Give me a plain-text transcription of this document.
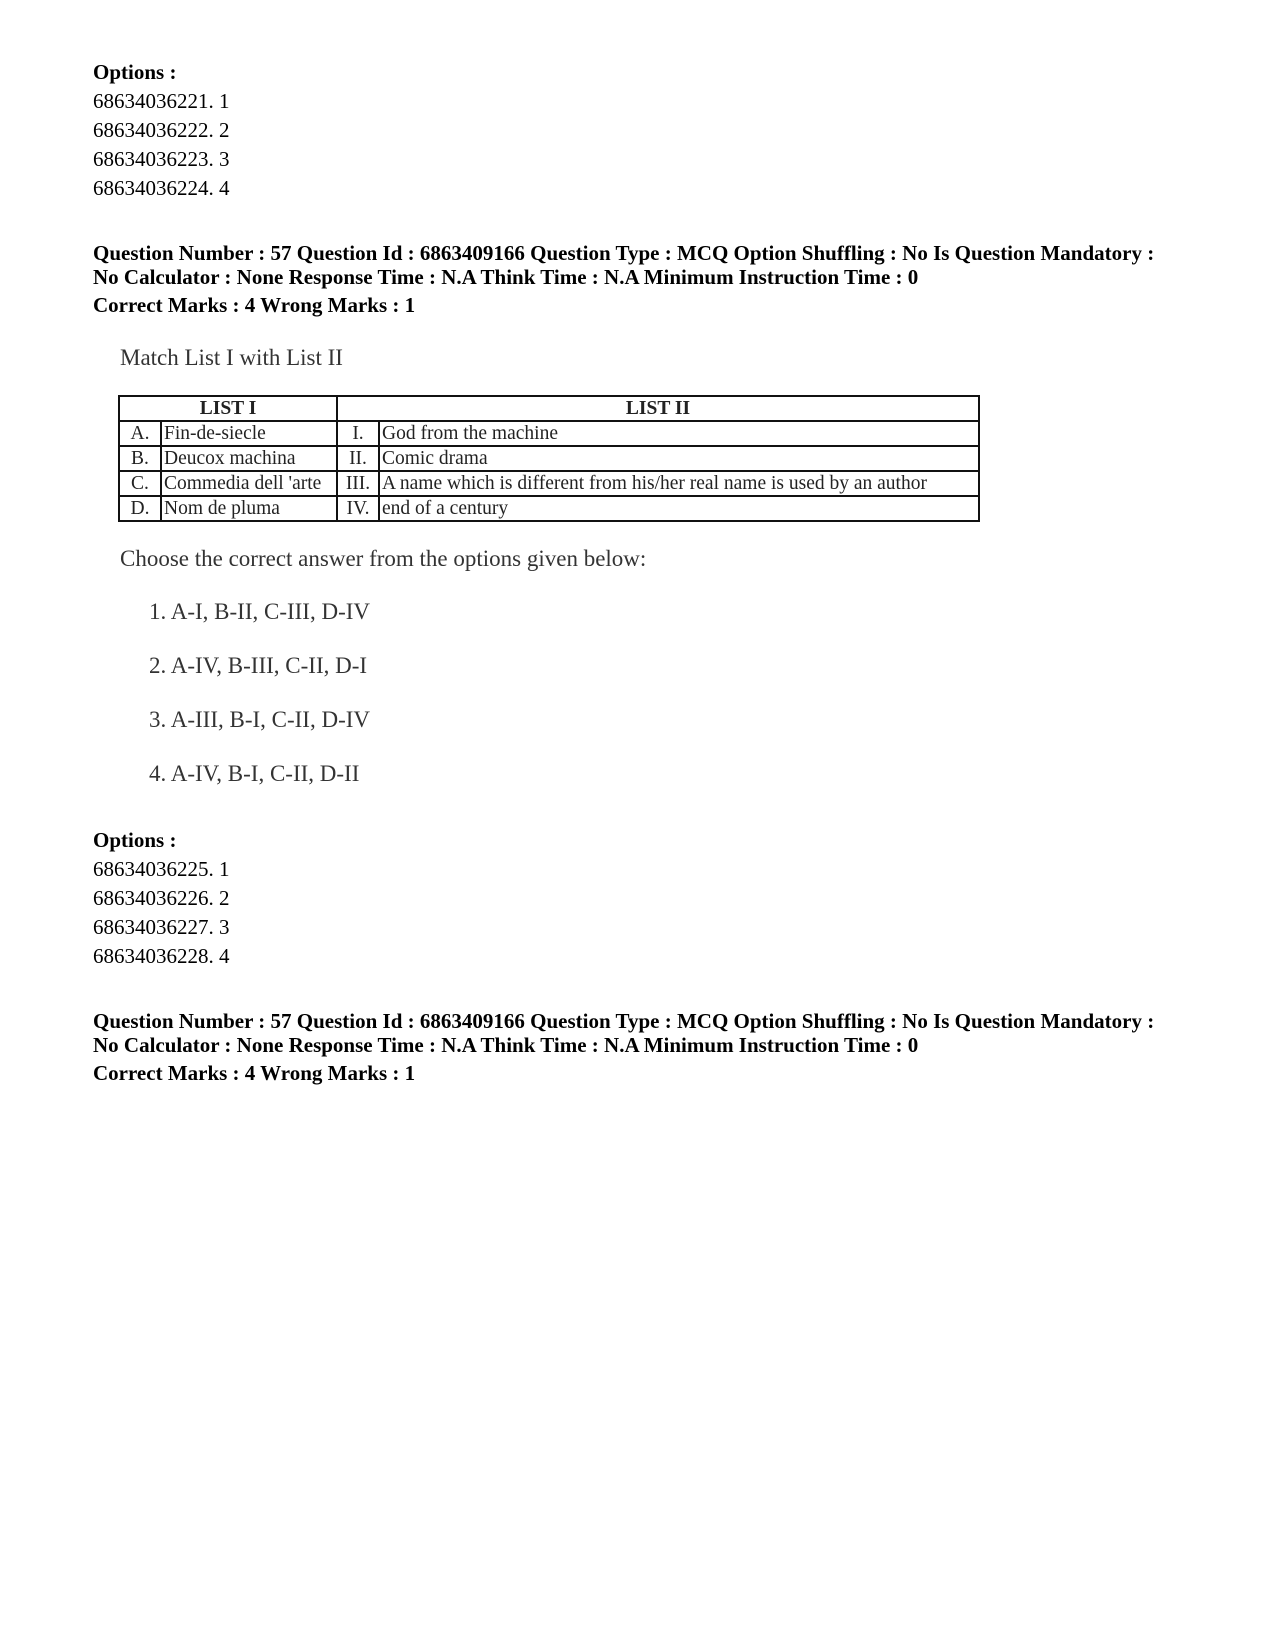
Options :
68634036221. 1
68634036222. 2
68634036223. 3
68634036224. 4
Question Number : 57 Question Id : 6863409166 Question Type : MCQ Option Shuffling : No Is Question Mandatory :
No Calculator : None Response Time : N.A Think Time : N.A Minimum Instruction Time : 0
Correct Marks : 4 Wrong Marks : 1
Match List I with List II
LIST I		LIST II	
A.	Fin-de-siecle	I.	God from the machine
B.	Deucox machina	II.	Comic drama
C.	Commedia dell 'arte	III.	A name which is different from his/her real name is used by an author
D.	Nom de pluma	IV.	end of a century
Choose the correct answer from the options given below:
1. A-I, B-II, C-III, D-IV
2. A-IV, B-III, C-II, D-I
3. A-III, B-I, C-II, D-IV
4. A-IV, B-I, C-II, D-II
Options :
68634036225. 1
68634036226. 2
68634036227. 3
68634036228. 4
Question Number : 57 Question Id : 6863409166 Question Type : MCQ Option Shuffling : No Is Question Mandatory :
No Calculator : None Response Time : N.A Think Time : N.A Minimum Instruction Time : 0
Correct Marks : 4 Wrong Marks : 1
